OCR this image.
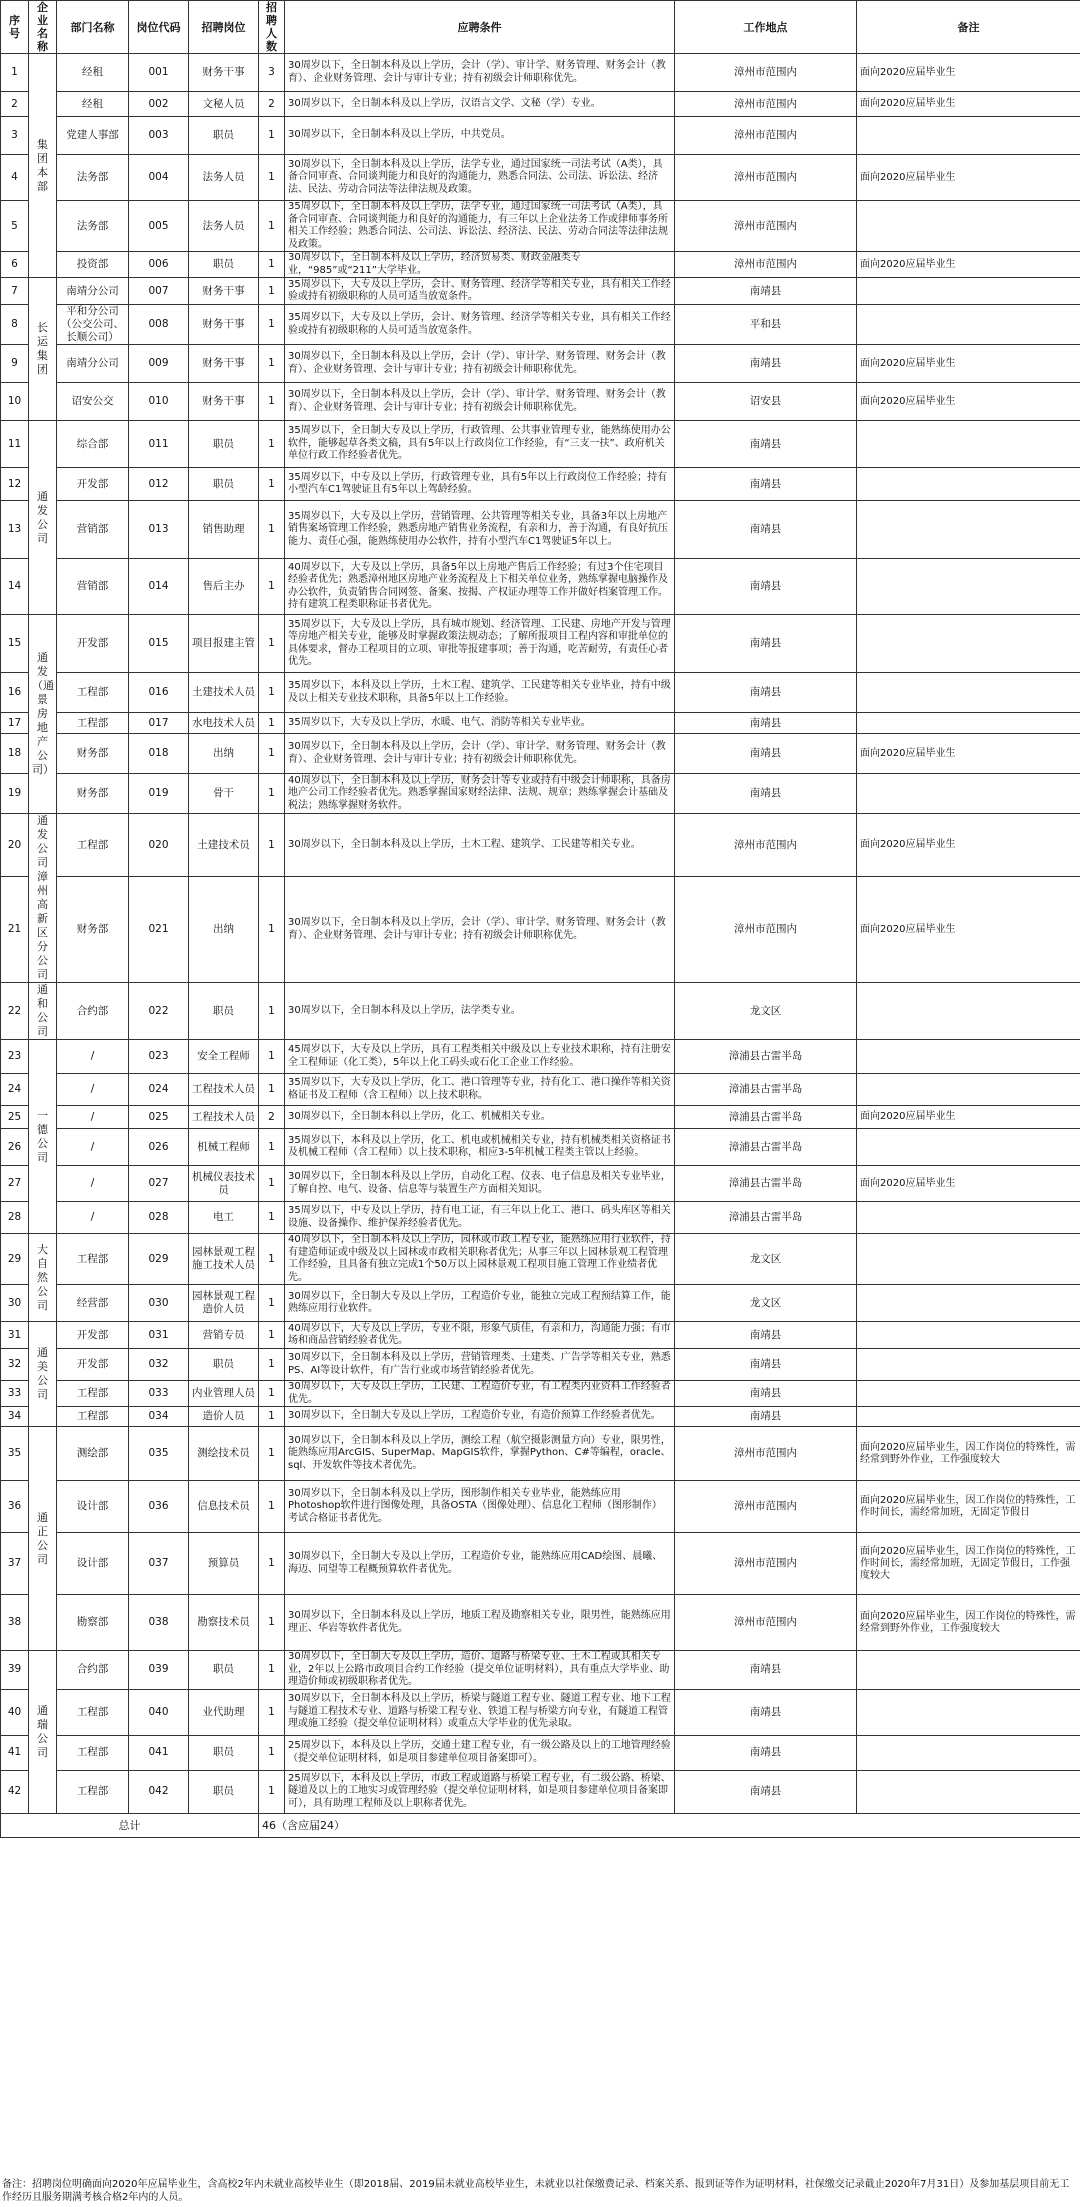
序号	企业名称	部门名称	岗位代码	招聘岗位	招聘人数	应聘条件	工作地点	备注
1	集团本部	经租	001	财务干事	3	30周岁以下，全日制本科及以上学历，会计（学）、审计学、财务管理、财务会计（教育）、企业财务管理、会计与审计专业；持有初级会计师职称优先。	漳州市范围内	面向2020应届毕业生
2		经租	002	文秘人员	2	30周岁以下，全日制本科及以上学历，汉语言文学、文秘（学）专业。	漳州市范围内	面向2020应届毕业生
3		党建人事部	003	职员	1	30周岁以下，全日制本科及以上学历，中共党员。	漳州市范围内	
4		法务部	004	法务人员	1	30周岁以下，全日制本科及以上学历，法学专业，通过国家统一司法考试（A类），具备合同审查、合同谈判能力和良好的沟通能力，熟悉合同法、公司法、诉讼法、经济法、民法、劳动合同法等法律法规及政策。	漳州市范围内	面向2020应届毕业生
5		法务部	005	法务人员	1	35周岁以下，全日制本科及以上学历，法学专业，通过国家统一司法考试（A类），具备合同审查、合同谈判能力和良好的沟通能力，有三年以上企业法务工作或律师事务所相关工作经验；熟悉合同法、公司法、诉讼法、经济法、民法、劳动合同法等法律法规及政策。	漳州市范围内	
6		投资部	006	职员	1	30周岁以下，全日制本科及以上学历，经济贸易类、财政金融类专业，“985”或“211”大学毕业。	漳州市范围内	面向2020应届毕业生
7	长运集团	南靖分公司	007	财务干事	1	35周岁以下，大专及以上学历，会计、财务管理、经济学等相关专业，具有相关工作经验或持有初级职称的人员可适当放宽条件。	南靖县	
8		平和分公司（公交公司、长顺公司）	008	财务干事	1	35周岁以下，大专及以上学历，会计、财务管理、经济学等相关专业，具有相关工作经验或持有初级职称的人员可适当放宽条件。	平和县	
9		南靖分公司	009	财务干事	1	30周岁以下，全日制本科及以上学历，会计（学）、审计学、财务管理、财务会计（教育）、企业财务管理、会计与审计专业；持有初级会计师职称优先。	南靖县	面向2020应届毕业生
10		诏安公交	010	财务干事	1	30周岁以下，全日制本科及以上学历，会计（学）、审计学、财务管理、财务会计（教育）、企业财务管理、会计与审计专业；持有初级会计师职称优先。	诏安县	面向2020应届毕业生
11	通发公司	综合部	011	职员	1	35周岁以下，全日制大专及以上学历，行政管理、公共事业管理专业，能熟练使用办公软件，能够起草各类文稿，具有5年以上行政岗位工作经验，有“三支一扶”、政府机关单位行政工作经验者优先。	南靖县	
12		开发部	012	职员	1	35周岁以下，中专及以上学历，行政管理专业，具有5年以上行政岗位工作经验；持有小型汽车C1驾驶证且有5年以上驾龄经验。	南靖县	
13		营销部	013	销售助理	1	35周岁以下，大专及以上学历，营销管理、公共管理等相关专业，具备3年以上房地产销售案场管理工作经验，熟悉房地产销售业务流程，有亲和力，善于沟通，有良好抗压能力、责任心强，能熟练使用办公软件，持有小型汽车C1驾驶证5年以上。	南靖县	
14		营销部	014	售后主办	1	40周岁以下，大专及以上学历，具备5年以上房地产售后工作经验；有过3个住宅项目经验者优先；熟悉漳州地区房地产业务流程及上下相关单位业务，熟练掌握电脑操作及办公软件，负责销售合同网签、备案、按揭、产权证办理等工作并做好档案管理工作。持有建筑工程类职称证书者优先。	南靖县	
15	通发（通景房地产公司）	开发部	015	项目报建主管	1	35周岁以下，大专及以上学历，具有城市规划、经济管理、工民建、房地产开发与管理等房地产相关专业，能够及时掌握政策法规动态；了解所报项目工程内容和审批单位的具体要求，督办工程项目的立项、审批等报建事项；善于沟通，吃苦耐劳，有责任心者优先。	南靖县	
16		工程部	016	土建技术人员	1	35周岁以下，本科及以上学历，土木工程、建筑学、工民建等相关专业毕业，持有中级及以上相关专业技术职称，具备5年以上工作经验。	南靖县	
17		工程部	017	水电技术人员	1	35周岁以下，大专及以上学历，水暖、电气、消防等相关专业毕业。	南靖县	
18		财务部	018	出纳	1	30周岁以下，全日制本科及以上学历，会计（学）、审计学、财务管理、财务会计（教育）、企业财务管理、会计与审计专业；持有初级会计师职称优先。	南靖县	面向2020应届毕业生
19		财务部	019	骨干	1	40周岁以下，全日制本科及以上学历，财务会计等专业或持有中级会计师职称，具备房地产公司工作经验者优先。熟悉掌握国家财经法律、法规、规章；熟练掌握会计基础及税法；熟练掌握财务软件。	南靖县	
20	通发公司漳州高新区分公司	工程部	020	土建技术员	1	30周岁以下，全日制本科及以上学历，土木工程、建筑学、工民建等相关专业。	漳州市范围内	面向2020应届毕业生
21		财务部	021	出纳	1	30周岁以下，全日制本科及以上学历，会计（学）、审计学、财务管理、财务会计（教育）、企业财务管理、会计与审计专业；持有初级会计师职称优先。	漳州市范围内	面向2020应届毕业生
22	通和公司	合约部	022	职员	1	30周岁以下，全日制本科及以上学历，法学类专业。	龙文区	
23	一德公司	/	023	安全工程师	1	45周岁以下，大专及以上学历，具有工程类相关中级及以上专业技术职称，持有注册安全工程师证（化工类），5年以上化工码头或石化工企业工作经验。	漳浦县古雷半岛	
24		/	024	工程技术人员	1	35周岁以下，大专及以上学历，化工、港口管理等专业，持有化工、港口操作等相关资格证书及工程师（含工程师）以上技术职称。	漳浦县古雷半岛	
25		/	025	工程技术人员	2	30周岁以下，全日制本科以上学历，化工、机械相关专业。	漳浦县古雷半岛	面向2020应届毕业生
26		/	026	机械工程师	1	35周岁以下，本科及以上学历，化工、机电或机械相关专业，持有机械类相关资格证书及机械工程师（含工程师）以上技术职称，相应3-5年机械工程类主管以上经验。	漳浦县古雷半岛	
27		/	027	机械仪表技术员	1	30周岁以下，全日制本科及以上学历，自动化工程、仪表、电子信息及相关专业毕业，了解自控、电气、设备、信息等与装置生产方面相关知识。	漳浦县古雷半岛	面向2020应届毕业生
28		/	028	电工	1	35周岁以下，中专及以上学历，持有电工证，有三年以上化工、港口、码头库区等相关设施、设备操作、维护保养经验者优先。	漳浦县古雷半岛	
29	大自然公司	工程部	029	园林景观工程施工技术人员	1	40周岁以下，全日制本科及以上学历，园林或市政工程专业，能熟练应用行业软件，持有建造师证或中级及以上园林或市政相关职称者优先；从事三年以上园林景观工程管理工作经验，且具备有独立完成1个50万以上园林景观工程项目施工管理工作业绩者优先。	龙文区	
30		经营部	030	园林景观工程造价人员	1	30周岁以下，全日制大专及以上学历，工程造价专业，能独立完成工程预结算工作，能熟练应用行业软件。	龙文区	
31	通美公司	开发部	031	营销专员	1	40周岁以下，大专及以上学历，专业不限，形象气质佳，有亲和力，沟通能力强；有市场和商品营销经验者优先。	南靖县	
32		开发部	032	职员	1	30周岁以下，全日制本科及以上学历，营销管理类、土建类、广告学等相关专业，熟悉PS、AI等设计软件，有广告行业或市场营销经验者优先。	南靖县	
33		工程部	033	内业管理人员	1	30周岁以下，大专及以上学历，工民建、工程造价专业，有工程类内业资料工作经验者优先。	南靖县	
34		工程部	034	造价人员	1	30周岁以下，全日制大专及以上学历，工程造价专业，有造价预算工作经验者优先。	南靖县	
35	通正公司	测绘部	035	测绘技术员	1	30周岁以下，全日制本科及以上学历，测绘工程（航空摄影测量方向）专业，限男性，能熟练应用ArcGIS、SuperMap、MapGIS软件，掌握Python、C#等编程，oracle、sql、开发软件等技术者优先。	漳州市范围内	面向2020应届毕业生，因工作岗位的特殊性，需经常到野外作业，工作强度较大
36		设计部	036	信息技术员	1	30周岁以下，全日制本科及以上学历，图形制作相关专业毕业，能熟练应用Photoshop软件进行图像处理，具备OSTA（图像处理）、信息化工程师（图形制作）考试合格证书者优先。	漳州市范围内	面向2020应届毕业生，因工作岗位的特殊性，工作时间长，需经常加班，无固定节假日
37		设计部	037	预算员	1	30周岁以下，全日制大专及以上学历，工程造价专业，能熟练应用CAD绘图、晨曦、海迈、同望等工程概预算软件者优先。	漳州市范围内	面向2020应届毕业生，因工作岗位的特殊性，工作时间长，需经常加班，无固定节假日，工作强度较大
38		勘察部	038	勘察技术员	1	30周岁以下，全日制本科及以上学历，地质工程及勘察相关专业，限男性，能熟练应用理正、华岩等软件者优先。	漳州市范围内	面向2020应届毕业生，因工作岗位的特殊性，需经常到野外作业，工作强度较大
39	通瑞公司	合约部	039	职员	1	30周岁以下，全日制大专及以上学历，造价、道路与桥梁专业、土木工程或其相关专业，2年以上公路市政项目合约工作经验（提交单位证明材料），具有重点大学毕业、助理造价师或初级职称者优先。	南靖县	
40		工程部	040	业代助理	1	30周岁以下，全日制本科及以上学历，桥梁与隧道工程专业、隧道工程专业、地下工程与隧道工程技术专业、道路与桥梁工程专业、铁道工程与桥梁方向专业，有隧道工程管理或施工经验（提交单位证明材料）或重点大学毕业的优先录取。	南靖县	
41		工程部	041	职员	1	25周岁以下，本科及以上学历，交通土建工程专业，有一级公路及以上的工地管理经验（提交单位证明材料，如是项目参建单位项目备案即可）。	南靖县	
42		工程部	042	职员	1	25周岁以下，本科及以上学历，市政工程或道路与桥梁工程专业，有二级公路、桥梁、隧道及以上的工地实习或管理经验（提交单位证明材料，如是项目参建单位项目备案即可），具有助理工程师及以上职称者优先。	南靖县	
总计					46（含应届24）			
备注：招聘岗位明确面向2020年应届毕业生，含高校2年内未就业高校毕业生（即2018届、2019届未就业高校毕业生，未就业以社保缴费记录、档案关系、报到证等作为证明材料，社保缴交记录截止2020年7月31日）及参加基层项目前无工作经历且服务期满考核合格2年内的人员。
